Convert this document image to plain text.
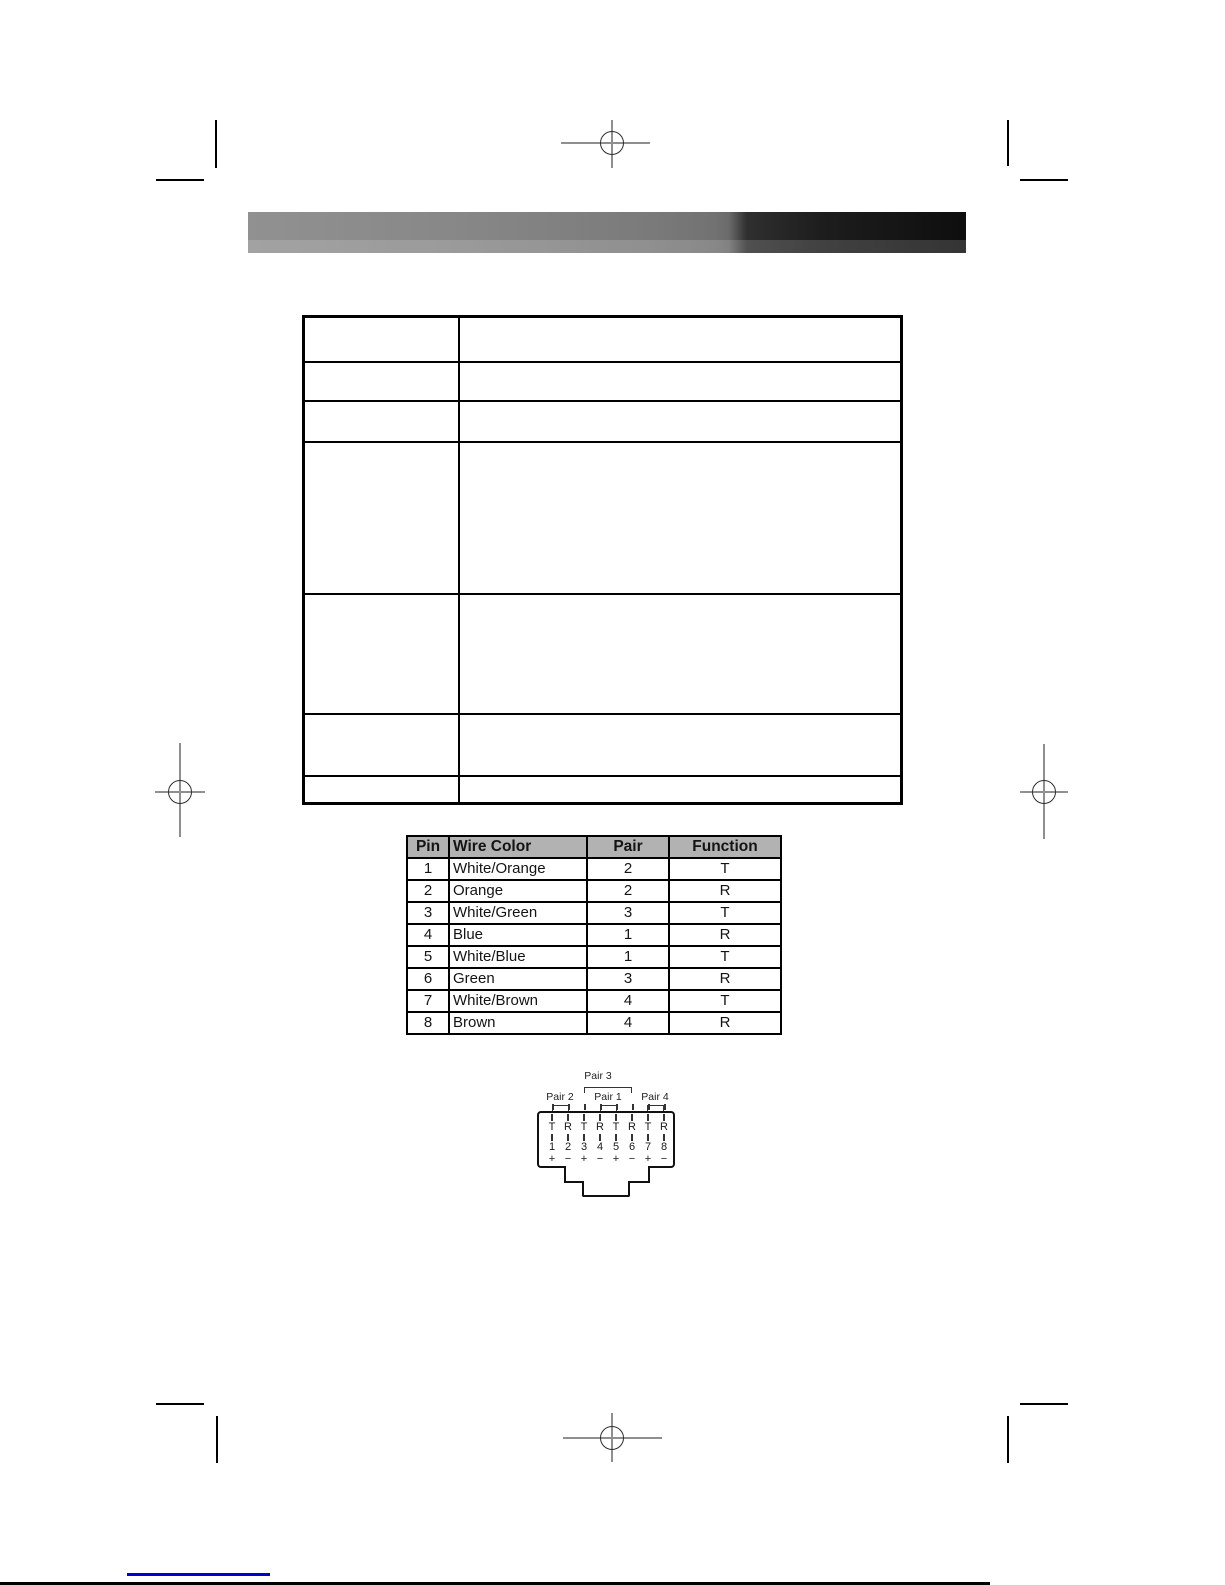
Pin	Wire Color	Pair	Function
1	White/Orange	2	T
2	Orange	2	R
3	White/Green	3	T
4	Blue	1	R
5	White/Blue	1	T
6	Green	3	R
7	White/Brown	4	T
8	Brown	4	R
Pair 3
Pair 2	Pair 1	Pair 4
T
1
+
R
2
−
T
3
+
R
4
−
T
5
+
R
6
−
T
7
+
R
8
−
